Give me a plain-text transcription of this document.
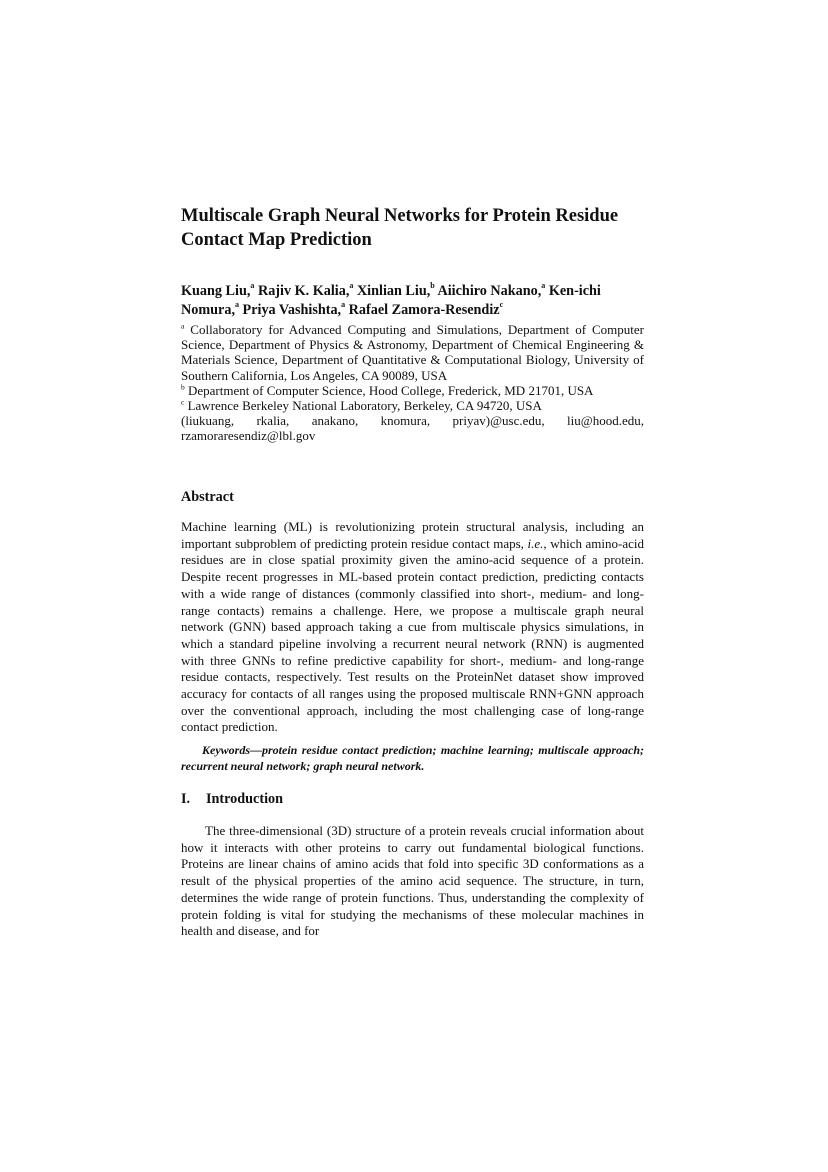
Multiscale Graph Neural Networks for Protein Residue Contact Map Prediction
Kuang Liu,$^a$ Rajiv K. Kalia,$^a$ Xinlian Liu,$^b$ Aiichiro Nakano,$^a$ Ken-ichi Nomura,$^a$ Priya Vashishta,$^a$ Rafael Zamora-Resendiz$^c$
$^a$ Collaboratory for Advanced Computing and Simulations, Department of Computer Science, Department of Physics & Astronomy, Department of Chemical Engineering & Materials Science, Department of Quantitative & Computational Biology, University of Southern California, Los Angeles, CA 90089, USA
$^b$ Department of Computer Science, Hood College, Frederick, MD 21701, USA
$^c$ Lawrence Berkeley National Laboratory, Berkeley, CA 94720, USA
(liukuang, rkalia, anakano, knomura, priyav)@usc.edu, liu@hood.edu, rzamoraresendiz@lbl.gov
Abstract
Machine learning (ML) is revolutionizing protein structural analysis, including an important subproblem of predicting protein residue contact maps, i.e., which amino-acid residues are in close spatial proximity given the amino-acid sequence of a protein. Despite recent progresses in ML-based protein contact prediction, predicting contacts with a wide range of distances (commonly classified into short-, medium- and long-range contacts) remains a challenge. Here, we propose a multiscale graph neural network (GNN) based approach taking a cue from multiscale physics simulations, in which a standard pipeline involving a recurrent neural network (RNN) is augmented with three GNNs to refine predictive capability for short-, medium- and long-range residue contacts, respectively. Test results on the ProteinNet dataset show improved accuracy for contacts of all ranges using the proposed multiscale RNN+GNN approach over the conventional approach, including the most challenging case of long-range contact prediction.
Keywords—protein residue contact prediction; machine learning; multiscale approach; recurrent neural network; graph neural network.
I.	Introduction
The three-dimensional (3D) structure of a protein reveals crucial information about how it interacts with other proteins to carry out fundamental biological functions. Proteins are linear chains of amino acids that fold into specific 3D conformations as a result of the physical properties of the amino acid sequence. The structure, in turn, determines the wide range of protein functions. Thus, understanding the complexity of protein folding is vital for studying the mechanisms of these molecular machines in health and disease, and for
